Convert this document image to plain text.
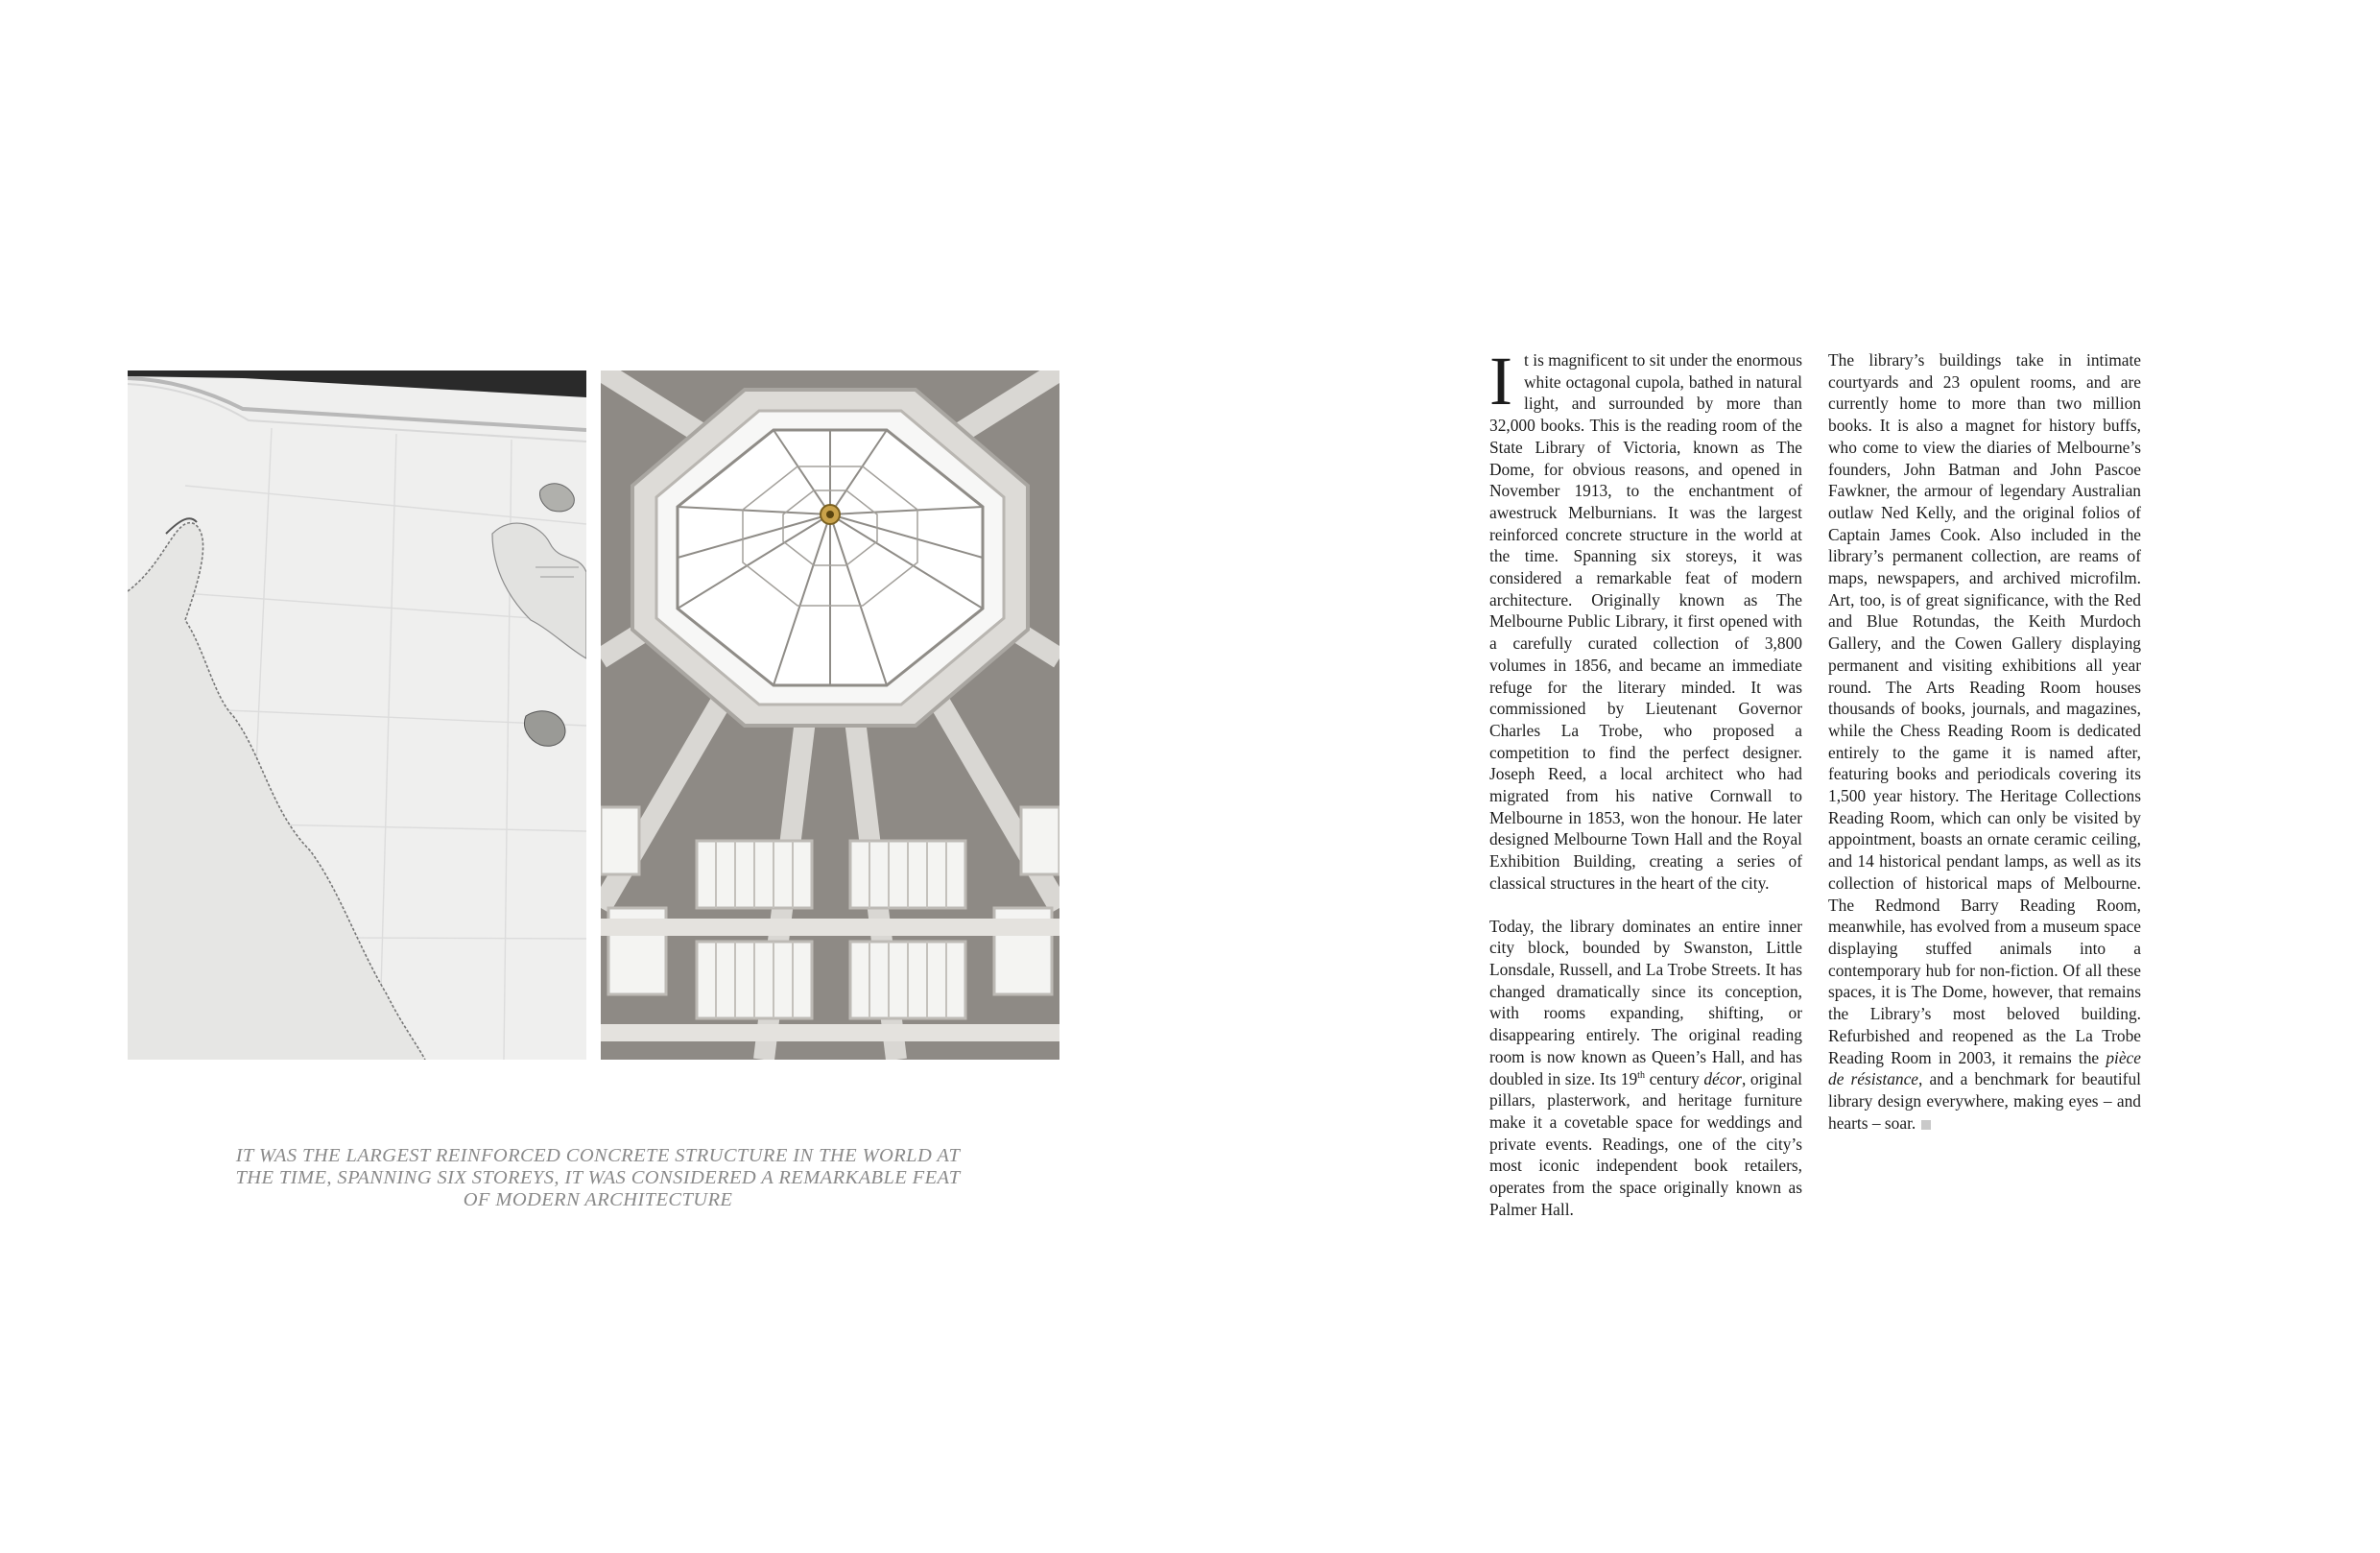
IT WAS THE LARGEST REINFORCED CONCRETE STRUCTURE IN THE WORLD AT
THE TIME, SPANNING SIX STOREYS, IT WAS CONSIDERED A REMARKABLE FEAT
OF MODERN ARCHITECTURE

It is magnificent to sit under the enormous white octagonal cupola, bathed in natural light, and surrounded by more than 32,000 books. This is the reading room of the State Library of Victoria, known as The Dome, for obvious reasons, and opened in November 1913, to the enchantment of awestruck Melburnians. It was the largest reinforced concrete structure in the world at the time. Spanning six storeys, it was considered a remarkable feat of modern architecture. Originally known as The Melbourne Public Library, it first opened with a carefully curated collection of 3,800 volumes in 1856, and became an immediate refuge for the literary minded. It was commissioned by Lieutenant Governor Charles La Trobe, who proposed a competition to find the perfect designer. Joseph Reed, a local architect who had migrated from his native Cornwall to Melbourne in 1853, won the honour. He later designed Melbourne Town Hall and the Royal Exhibition Building, creating a series of classical structures in the heart of the city.

Today, the library dominates an entire inner city block, bounded by Swanston, Little Lonsdale, Russell, and La Trobe Streets. It has changed dramatically since its conception, with rooms expanding, shifting, or disappearing entirely. The original reading room is now known as Queen’s Hall, and has doubled in size. Its 19th century décor, original pillars, plasterwork, and heritage furniture make it a covetable space for weddings and private events. Readings, one of the city’s most iconic independent book retailers, operates from the space originally known as Palmer Hall.

The library’s buildings take in intimate courtyards and 23 opulent rooms, and are currently home to more than two million books. It is also a magnet for history buffs, who come to view the diaries of Melbourne’s founders, John Batman and John Pascoe Fawkner, the armour of legendary Australian outlaw Ned Kelly, and the original folios of Captain James Cook. Also included in the library’s permanent collection, are reams of maps, newspapers, and archived microfilm. Art, too, is of great significance, with the Red and Blue Rotundas, the Keith Murdoch Gallery, and the Cowen Gallery displaying permanent and visiting exhibitions all year round. The Arts Reading Room houses thousands of books, journals, and magazines, while the Chess Reading Room is dedicated entirely to the game it is named after, featuring books and periodicals covering its 1,500 year history. The Heritage Collections Reading Room, which can only be visited by appointment, boasts an ornate ceramic ceiling, and 14 historical pendant lamps, as well as its collection of historical maps of Melbourne. The Redmond Barry Reading Room, meanwhile, has evolved from a museum space displaying stuffed animals into a contemporary hub for non-fiction. Of all these spaces, it is The Dome, however, that remains the Library’s most beloved building. Refurbished and reopened as the La Trobe Reading Room in 2003, it remains the pièce de résistance, and a benchmark for beautiful library design everywhere, making eyes – and hearts – soar.
